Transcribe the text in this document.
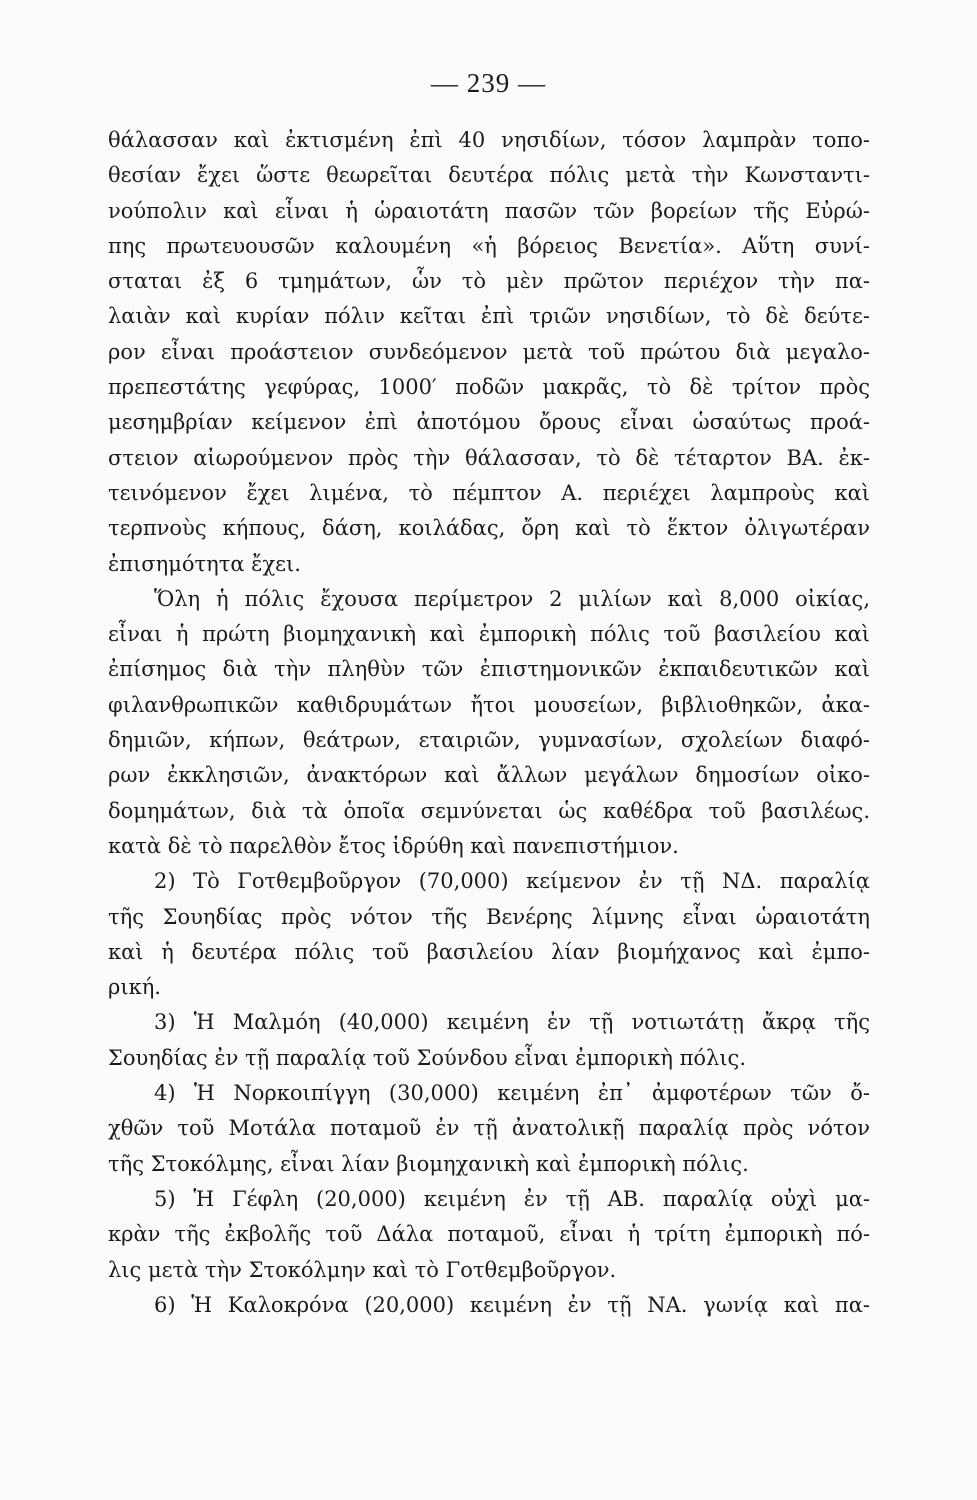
— 239 —
θάλασσαν καὶ ἐκτισμένη ἐπὶ 40 νησιδίων, τόσον λαμπρὰν τοπο-
θεσίαν ἔχει ὥστε θεωρεῖται δευτέρα πόλις μετὰ τὴν Κωνσταντι-
νούπολιν καὶ εἶναι ἡ ὡραιοτάτη πασῶν τῶν βορείων τῆς Εὐρώ-
πης πρωτευουσῶν καλουμένη «ἡ βόρειος Βενετία». Αὕτη συνί-
σταται ἐξ 6 τμημάτων, ὧν τὸ μὲν πρῶτον περιέχον τὴν πα-
λαιὰν καὶ κυρίαν πόλιν κεῖται ἐπὶ τριῶν νησιδίων, τὸ δὲ δεύτε-
ρον εἶναι προάστειον συνδεόμενον μετὰ τοῦ πρώτου διὰ μεγαλο-
πρεπεστάτης γεφύρας, 1000′ ποδῶν μακρᾶς, τὸ δὲ τρίτον πρὸς
μεσημβρίαν κείμενον ἐπὶ ἀποτόμου ὄρους εἶναι ὡσαύτως προά-
στειον αἰωρούμενον πρὸς τὴν θάλασσαν, τὸ δὲ τέταρτον ΒΑ. ἐκ-
τεινόμενον ἔχει λιμένα, τὸ πέμπτον Α. περιέχει λαμπροὺς καὶ
τερπνοὺς κήπους, δάση, κοιλάδας, ὄρη καὶ τὸ ἕκτον ὀλιγωτέραν
ἐπισημότητα ἔχει.
Ὅλη ἡ πόλις ἔχουσα περίμετρον 2 μιλίων καὶ 8,000 οἰκίας,
εἶναι ἡ πρώτη βιομηχανικὴ καὶ ἐμπορικὴ πόλις τοῦ βασιλείου καὶ
ἐπίσημος διὰ τὴν πληθὺν τῶν ἐπιστημονικῶν ἐκπαιδευτικῶν καὶ
φιλανθρωπικῶν καθιδρυμάτων ἤτοι μουσείων, βιβλιοθηκῶν, ἀκα-
δημιῶν, κήπων, θεάτρων, εταιριῶν, γυμνασίων, σχολείων διαφό-
ρων ἐκκλησιῶν, ἀνακτόρων καὶ ἄλλων μεγάλων δημοσίων οἰκο-
δομημάτων, διὰ τὰ ὁποῖα σεμνύνεται ὡς καθέδρα τοῦ βασιλέως.
κατὰ δὲ τὸ παρελθὸν ἔτος ἱδρύθη καὶ πανεπιστήμιον.
2) Τὸ Γοτθεμβοῦργον (70,000) κείμενον ἐν τῇ ΝΔ. παραλίᾳ
τῆς Σουηδίας πρὸς νότον τῆς Βενέρης λίμνης εἶναι ὡραιοτάτη
καὶ ἡ δευτέρα πόλις τοῦ βασιλείου λίαν βιομήχανος καὶ ἐμπο-
ρική.
3) Ἡ Μαλμόη (40,000) κειμένη ἐν τῇ νοτιωτάτῃ ἄκρᾳ τῆς
Σουηδίας ἐν τῇ παραλίᾳ τοῦ Σούνδου εἶναι ἐμπορικὴ πόλις.
4) Ἡ Νορκοιπίγγη (30,000) κειμένη ἐπ᾽ ἀμφοτέρων τῶν ὄ-
χθῶν τοῦ Μοτάλα ποταμοῦ ἐν τῇ ἀνατολικῇ παραλίᾳ πρὸς νότον
τῆς Στοκόλμης, εἶναι λίαν βιομηχανικὴ καὶ ἐμπορικὴ πόλις.
5) Ἡ Γέφλη (20,000) κειμένη ἐν τῇ ΑΒ. παραλίᾳ οὐχὶ μα-
κρὰν τῆς ἐκβολῆς τοῦ Δάλα ποταμοῦ, εἶναι ἡ τρίτη ἐμπορικὴ πό-
λις μετὰ τὴν Στοκόλμην καὶ τὸ Γοτθεμβοῦργον.
6) Ἡ Καλοκρόνα (20,000) κειμένη ἐν τῇ ΝΑ. γωνίᾳ καὶ πα-
